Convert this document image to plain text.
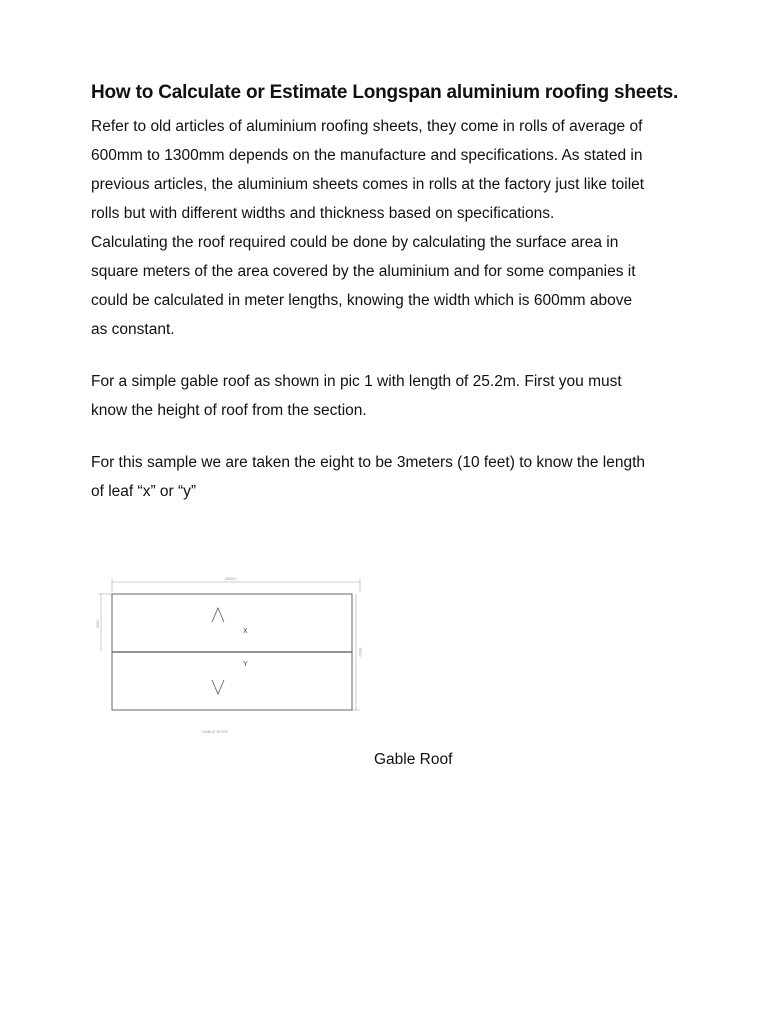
How to Calculate or Estimate Longspan aluminium roofing sheets.

Refer to old articles of aluminium roofing sheets, they come in rolls of average of
600mm to 1300mm depends on the manufacture and specifications. As stated in
previous articles, the aluminium sheets comes in rolls at the factory just like toilet
rolls but with different widths and thickness based on specifications.
Calculating the roof required could be done by calculating the surface area in
square meters of the area covered by the aluminium and for some companies it
could be calculated in meter lengths, knowing the width which is 600mm above
as constant.

For a simple gable roof as shown in pic 1 with length of 25.2m. First you must
know the height of roof from the section.

For this sample we are taken the eight to be 3meters (10 feet) to know the length
of leaf “x” or “y”

25200
3000
6000
X
Y
GABLE ROOF

Gable Roof
